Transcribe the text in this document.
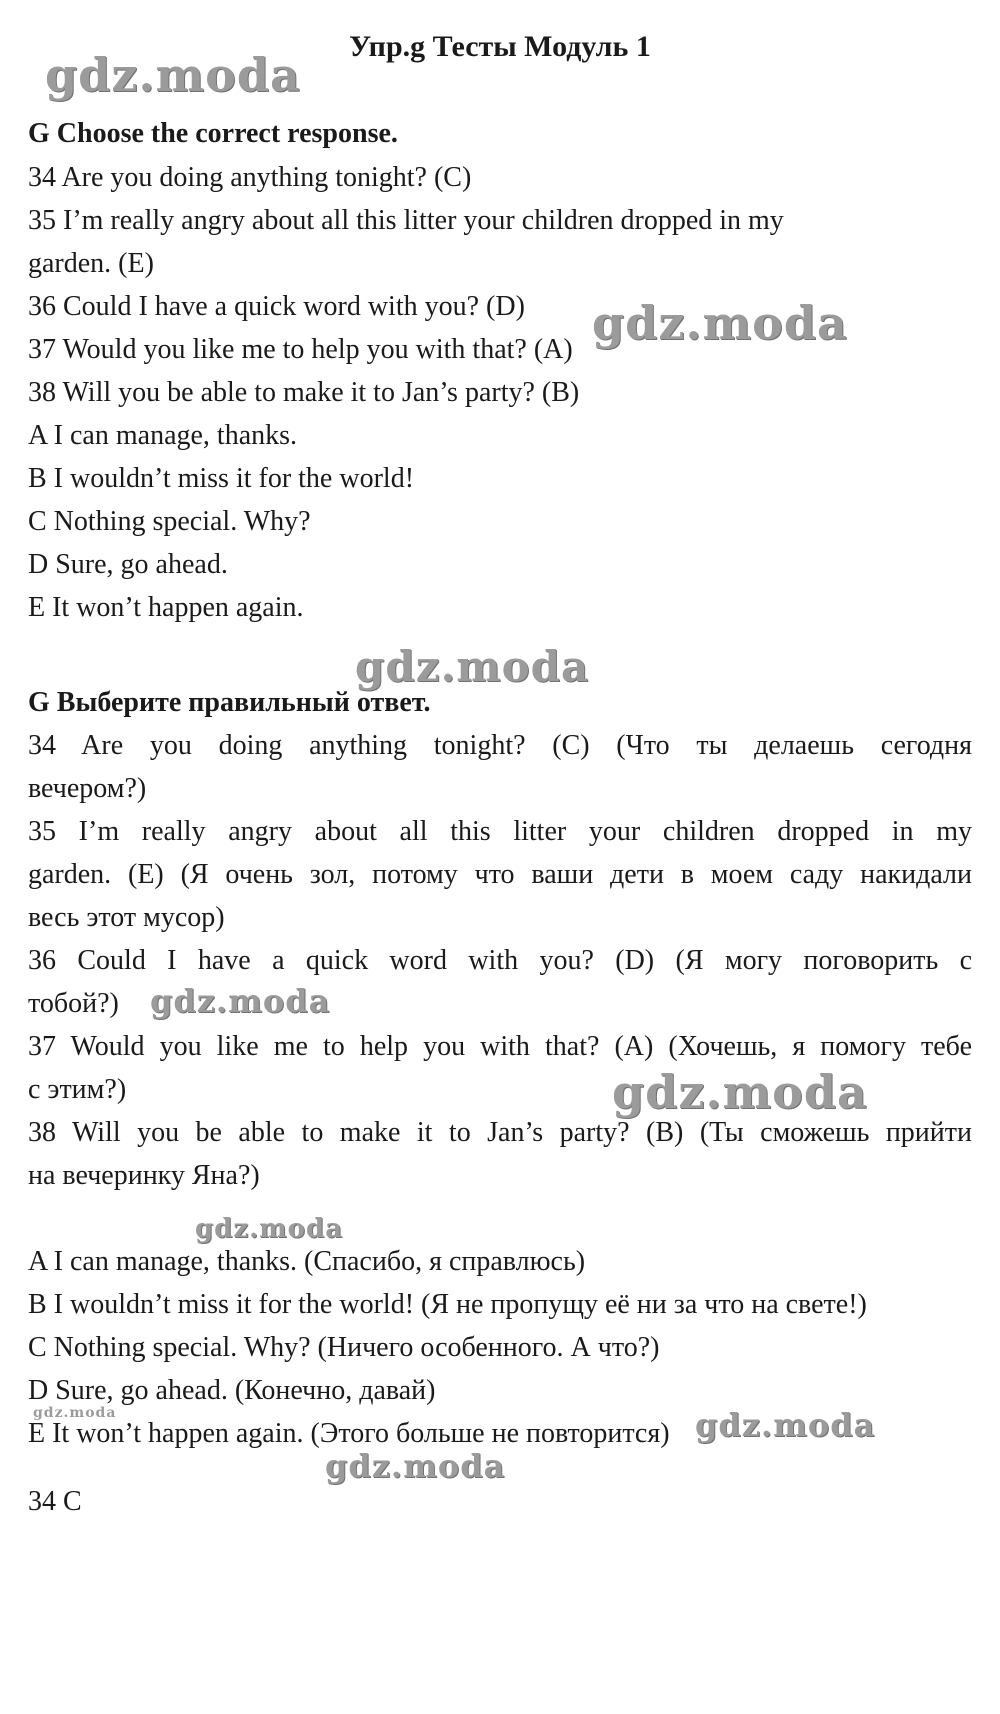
Упр.g Тесты Модуль 1
G Choose the correct response.
34 Are you doing anything tonight? (C)
35 I’m really angry about all this litter your children dropped in my
garden. (E)
36 Could I have a quick word with you? (D)
37 Would you like me to help you with that? (A)
38 Will you be able to make it to Jan’s party? (B)
A I can manage, thanks.
B I wouldn’t miss it for the world!
C Nothing special. Why?
D Sure, go ahead.
E It won’t happen again.
G Выберите правильный ответ.
34 Are you doing anything tonight? (C) (Что ты делаешь сегодня
вечером?)
35 I’m really angry about all this litter your children dropped in my
garden. (E) (Я очень зол, потому что ваши дети в моем саду накидали
весь этот мусор)
36 Could I have a quick word with you? (D) (Я могу поговорить с
тобой?)
37 Would you like me to help you with that? (A) (Хочешь, я помогу тебе
с этим?)
38 Will you be able to make it to Jan’s party? (B) (Ты сможешь прийти
на вечеринку Яна?)
A I can manage, thanks. (Спасибо, я справлюсь)
B I wouldn’t miss it for the world! (Я не пропущу её ни за что на свете!)
C Nothing special. Why? (Ничего особенного. А что?)
D Sure, go ahead. (Конечно, давай)
E It won’t happen again. (Этого больше не повторится)
34 C
gdz.moda
gdz.moda
gdz.moda
gdz.moda
gdz.moda
gdz.moda
gdz.moda	gdz.moda
gdz.moda
